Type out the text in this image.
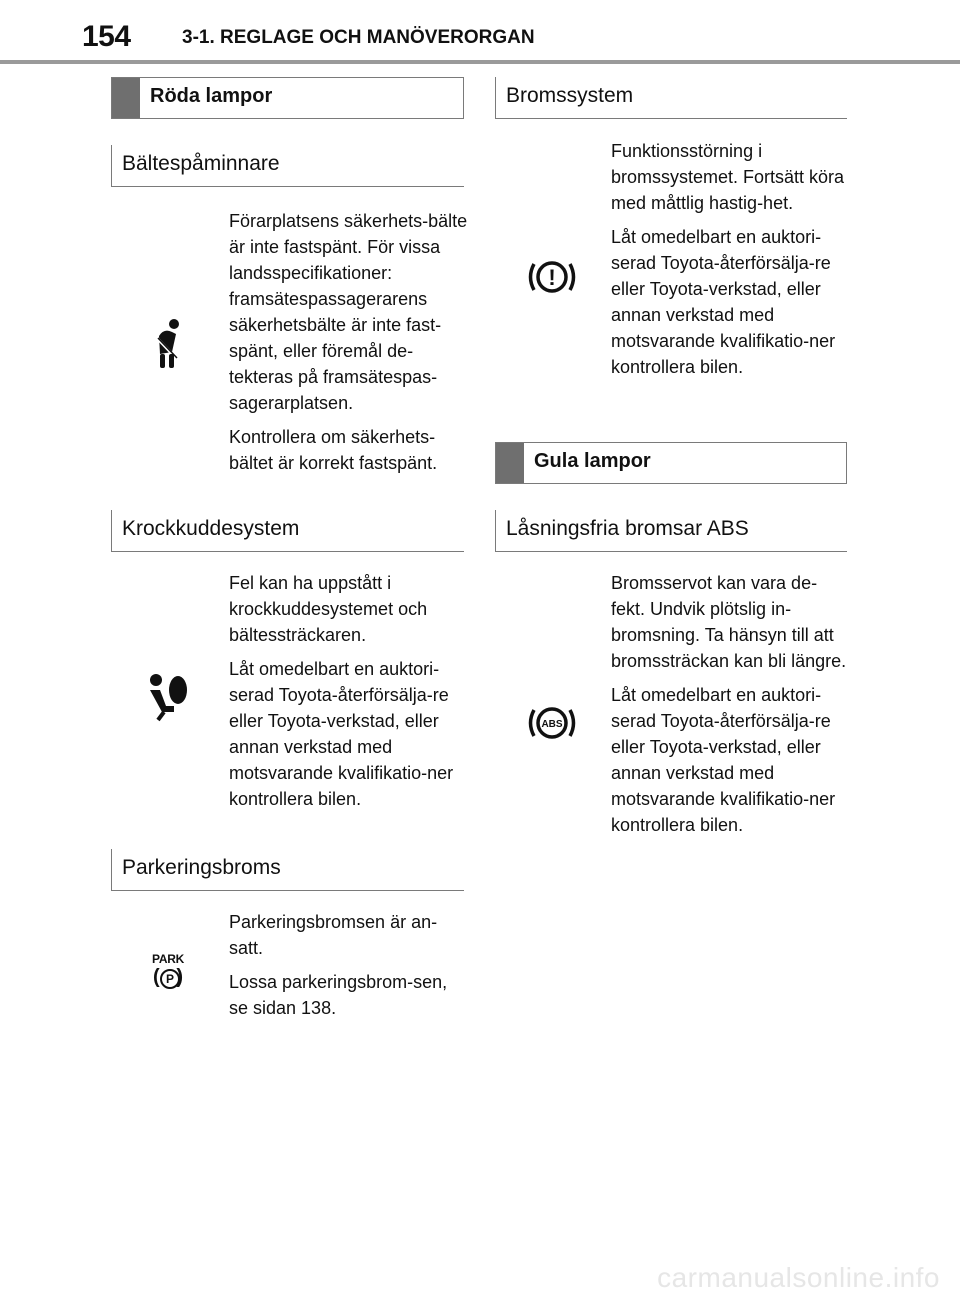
154	3-1. REGLAGE OCH MANÖVERORGAN
Röda lampor
Bältespåminnare

Förarplatsens säkerhets-bälte är inte fastspänt. För vissa landsspecifikationer: framsätespassagerarens säkerhetsbälte är inte fast-spänt, eller föremål de-tekteras på framsätespas-sagerarplatsen.

Kontrollera om säkerhets-bältet är korrekt fastspänt.

Krockkuddesystem

Fel kan ha uppstått i krockkuddesystemet och bältessträckaren.

Låt omedelbart en auktori-serad Toyota-återförsälja-re eller Toyota-verkstad, eller annan verkstad med motsvarande kvalifikatio-ner kontrollera bilen.

Parkeringsbroms
PARK
( P )

Parkeringsbromsen är an-satt.

Lossa parkeringsbrom-sen, se sidan 138.

Bromssystem
!

Funktionsstörning i bromssystemet. Fortsätt köra med måttlig hastig-het.

Låt omedelbart en auktori-serad Toyota-återförsälja-re eller Toyota-verkstad, eller annan verkstad med motsvarande kvalifikatio-ner kontrollera bilen.

Gula lampor
Låsningsfria bromsar ABS
ABS

Bromsservot kan vara de-fekt. Undvik plötslig in-bromsning. Ta hänsyn till att bromssträckan kan bli längre.

Låt omedelbart en auktori-serad Toyota-återförsälja-re eller Toyota-verkstad, eller annan verkstad med motsvarande kvalifikatio-ner kontrollera bilen.

carmanualsonline.info
